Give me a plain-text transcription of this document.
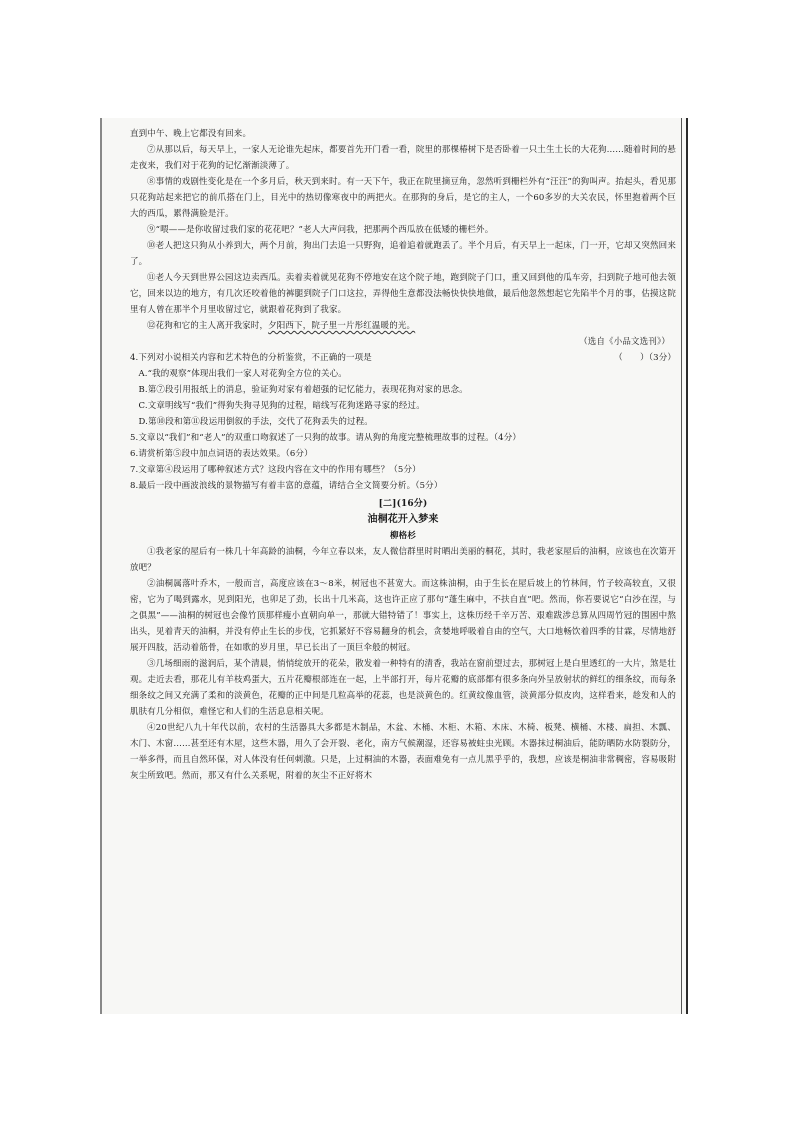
直到中午、晚上它都没有回来。

⑦从那以后，每天早上，一家人无论谁先起床，都要首先开门看一看，院里的那棵椿树下是否卧着一只土生土长的大花狗……随着时间的悬走夜来，我们对于花狗的记忆渐渐淡薄了。

⑧事情的戏剧性变化是在一个多月后，秋天到来时。有一天下午，我正在院里摘豆角，忽然听到栅栏外有“汪汪”的狗叫声。抬起头，看见那只花狗站起来把它的前爪搭在门上，目光中的热切像寒夜中的两把火。在那狗的身后，是它的主人，一个60多岁的大关农民，怀里抱着两个巨大的西瓜，累得满脸是汗。

⑨“喂——是你收留过我们家的花花吧？”老人大声问我，把那两个西瓜放在低矮的栅栏外。

⑩老人把这只狗从小养到大，两个月前，狗出门去追一只野狗，追着追着就跑丢了。半个月后，有天早上一起床，门一开，它却又突然回来了。

⑪老人今天到世界公园这边卖西瓜。卖着卖着就见花狗不停地安在这个院子地，跑到院子门口，重又回到他的瓜车旁，扫到院子地可他去领它，回来以边的地方，有几次还咬着他的裤腿到院子门口这拉，弄得他生意都没法畅快快快地做，最后他忽然想起它先陷半个月的事，估摸这院里有人曾在那半个月里收留过它，就跟着花狗到了我家。

⑫花狗和它的主人离开我家时，夕阳西下，院子里一片彤红温暖的光。

（选自《小品文选刊》）

4.下列对小说相关内容和艺术特色的分析鉴赏，不正确的一项是	（　　）（3分）

A.“我的观察”体现出我们一家人对花狗全方位的关心。

B.第⑦段引用报纸上的消息，验证狗对家有着超强的记忆能力，表现花狗对家的思念。

C.文章明线写“我们”得狗失狗寻见狗的过程，暗线写花狗迷路寻家的经过。

D.第⑩段和第⑪段运用倒叙的手法，交代了花狗丢失的过程。

5.文章以“我们”和“老人”的双重口吻叙述了一只狗的故事。请从狗的角度完整梳理故事的过程。（4分）

6.请赏析第⑤段中加点词语的表达效果。（6分）

7.文章第④段运用了哪种叙述方式？这段内容在文中的作用有哪些？（5分）

8.最后一段中画波浪线的景物描写有着丰富的意蕴，请结合全文简要分析。（5分）

[二](16分)

油桐花开入梦来

柳格杉

①我老家的屋后有一株几十年高龄的油桐，今年立春以来，友人微信群里时时晒出美丽的桐花，其时，我老家屋后的油桐，应该也在次第开放吧？

②油桐属落叶乔木，一般而言，高度应该在3～8米，树冠也不甚宽大。而这株油桐，由于生长在屋后坡上的竹林间，竹子较高较直，又很密，它为了喝到露水，见到阳光，也卯足了劲，长出十几米高，这也许正应了那句“蓬生麻中，不扶自直”吧。然而，你若要说它“白沙在涅，与之俱黑”——油桐的树冠也会像竹顶那样瘦小直朝向单一，那就大错特错了！事实上，这株历经千辛万苦、艰难跋涉总算从四周竹冠的围困中熬出头，见着青天的油桐，并没有停止生长的步伐，它抓紧好不容易翻身的机会，贪婪地呼吸着自由的空气，大口地畅饮着四季的甘霖，尽情地舒展开四肢，活动着筋骨，在如歌的岁月里，早已长出了一顶巨伞般的树冠。

③几场细雨的滋润后，某个清晨，悄悄绽放开的花朵，散发着一种特有的清香，我站在窗前望过去，那树冠上是白里透红的一大片，煞是壮观。走近去看，那花儿有羊枝鸡蛋大，五片花瓣根部连在一起，上半部打开，每片花瓣的底部都有很多条向外呈放射状的鲜红的细条纹，而每条细条纹之间又充满了柔和的淡黄色，花瓣的正中间是几粒高举的花蕊，也是淡黄色的。红黄纹像血管，淡黄部分似皮肉，这样看来，趁发和人的肌肤有几分相似，难怪它和人们的生活息息相关呢。

④20世纪八九十年代以前，农村的生活器具大多都是木制品，木盆、木桶、木柜、木箱、木床、木椅、板凳、横桶、木楼、扁担、木瓢、木门、木窗……甚至还有木屋，这些木器，用久了会开裂、老化，南方气候潮湿，还容易被蛀虫光顾。木器抹过桐油后，能防晒防水防裂防分，一举多得，而且自然环保，对人体没有任何刺激。只是，上过桐油的木器，表面难免有一点儿黑乎乎的，我想，应该是桐油非常稠密，容易吸附灰尘所致吧。然而，那又有什么关系呢，附着的灰尘不正好将木
